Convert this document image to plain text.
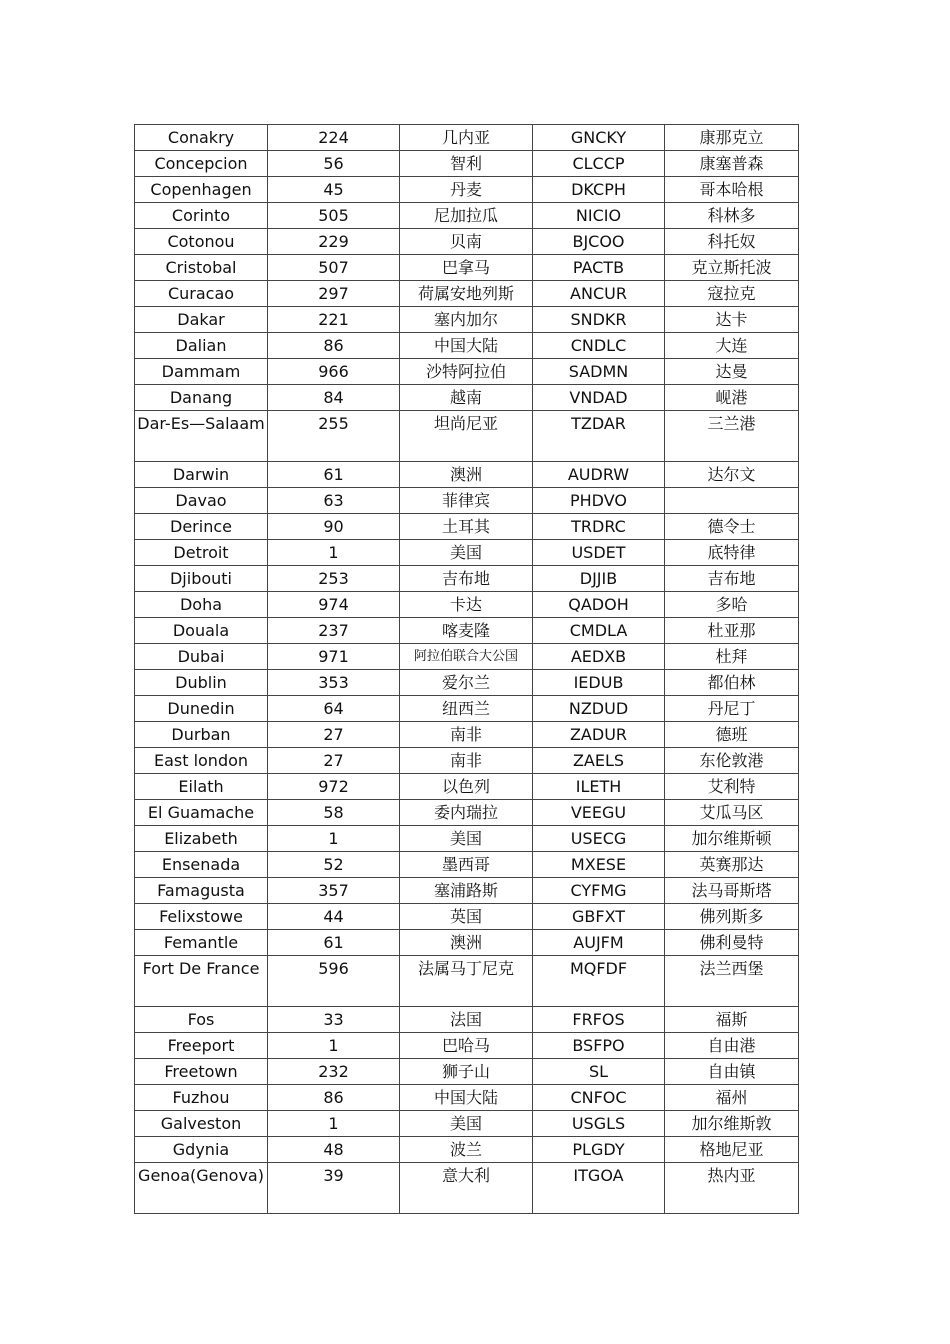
Conakry	224	几内亚	GNCKY	康那克立
Concepcion	56	智利	CLCCP	康塞普森
Copenhagen	45	丹麦	DKCPH	哥本哈根
Corinto	505	尼加拉瓜	NICIO	科林多
Cotonou	229	贝南	BJCOO	科托奴
Cristobal	507	巴拿马	PACTB	克立斯托波
Curacao	297	荷属安地列斯	ANCUR	寇拉克
Dakar	221	塞内加尔	SNDKR	达卡
Dalian	86	中国大陆	CNDLC	大连
Dammam	966	沙特阿拉伯	SADMN	达曼
Danang	84	越南	VNDAD	岘港
Dar-Es—Salaam	255	坦尚尼亚	TZDAR	三兰港
Darwin	61	澳洲	AUDRW	达尔文
Davao	63	菲律宾	PHDVO	
Derince	90	土耳其	TRDRC	德令士
Detroit	1	美国	USDET	底特律
Djibouti	253	吉布地	DJJIB	吉布地
Doha	974	卡达	QADOH	多哈
Douala	237	喀麦隆	CMDLA	杜亚那
Dubai	971	阿拉伯联合大公国	AEDXB	杜拜
Dublin	353	爱尔兰	IEDUB	都伯林
Dunedin	64	纽西兰	NZDUD	丹尼丁
Durban	27	南非	ZADUR	德班
East london	27	南非	ZAELS	东伦敦港
Eilath	972	以色列	ILETH	艾利特
El Guamache	58	委内瑞拉	VEEGU	艾瓜马区
Elizabeth	1	美国	USECG	加尔维斯顿
Ensenada	52	墨西哥	MXESE	英赛那达
Famagusta	357	塞浦路斯	CYFMG	法马哥斯塔
Felixstowe	44	英国	GBFXT	佛列斯多
Femantle	61	澳洲	AUJFM	佛利曼特
Fort De France	596	法属马丁尼克	MQFDF	法兰西堡
Fos	33	法国	FRFOS	福斯
Freeport	1	巴哈马	BSFPO	自由港
Freetown	232	狮子山	SL	自由镇
Fuzhou	86	中国大陆	CNFOC	福州
Galveston	1	美国	USGLS	加尔维斯敦
Gdynia	48	波兰	PLGDY	格地尼亚
Genoa(Genova)	39	意大利	ITGOA	热内亚
